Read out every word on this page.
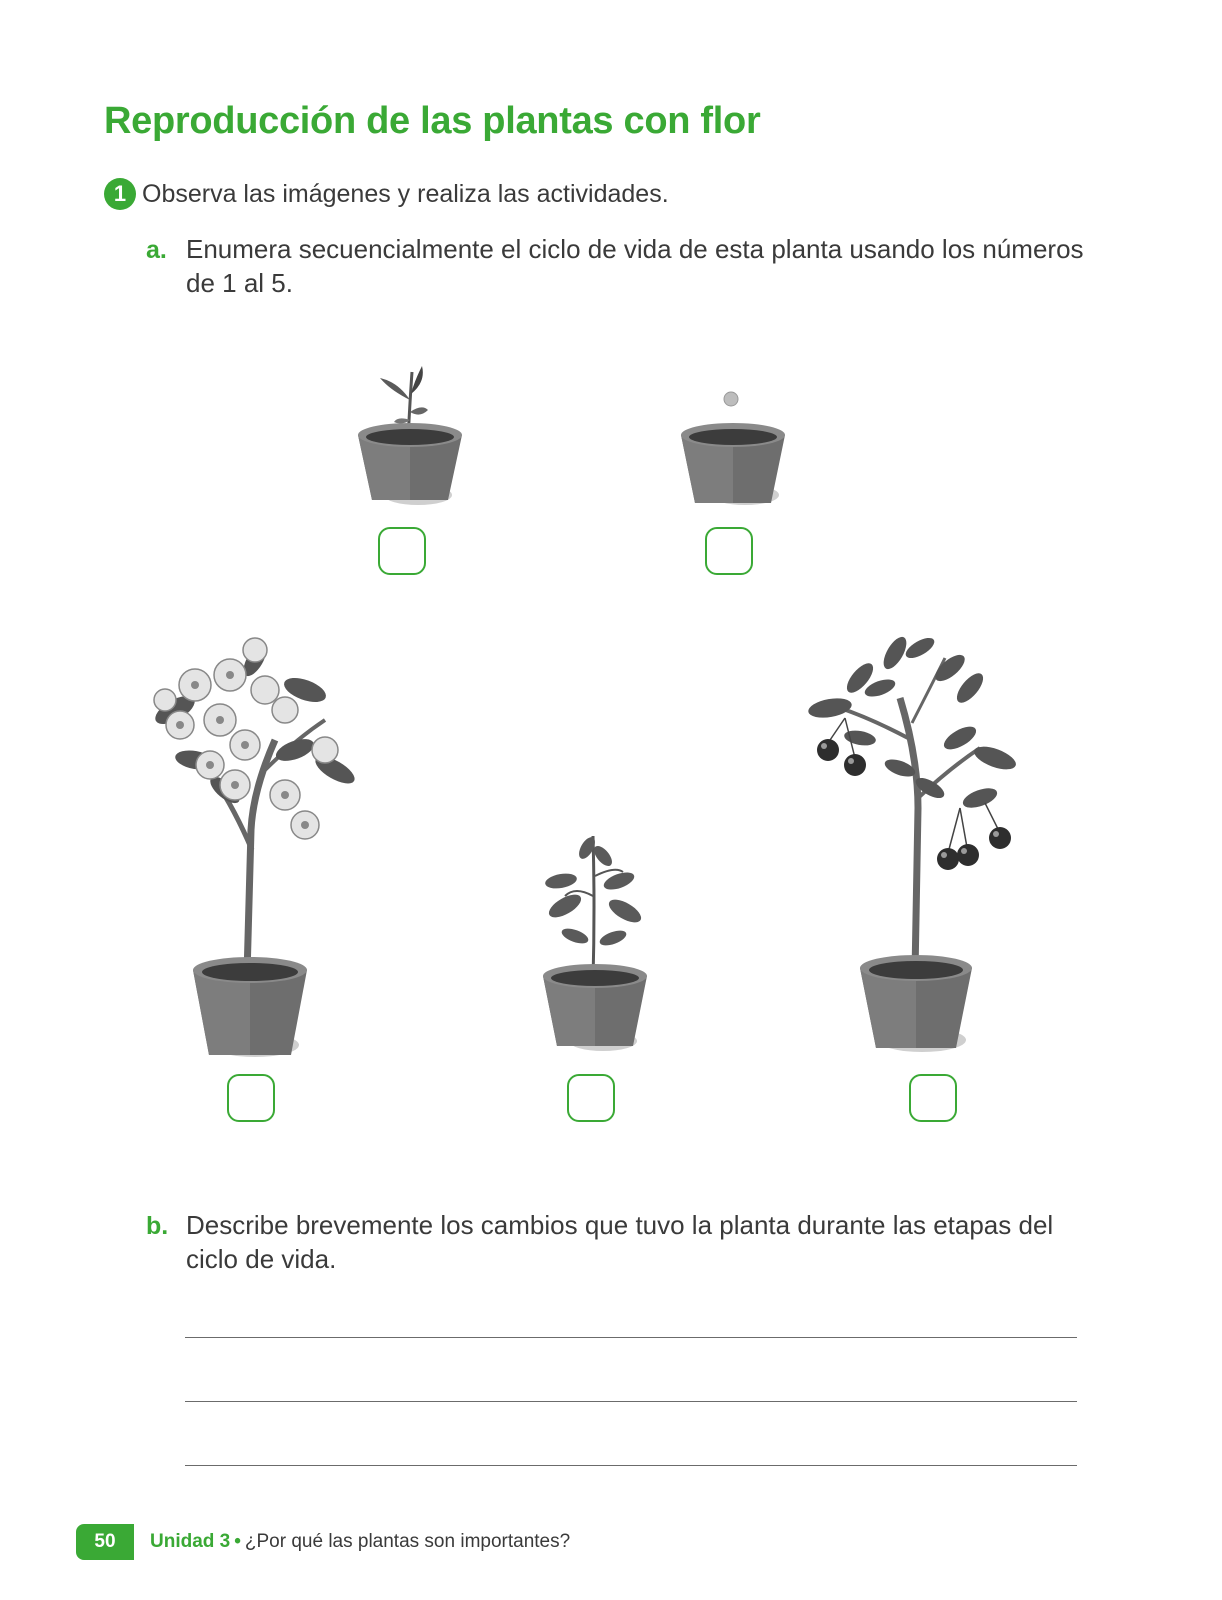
Reproducción de las plantas con flor
1 Observa las imágenes y realiza las actividades.
a. Enumera secuencialmente el ciclo de vida de esta planta usando los números de 1 al 5.
b. Describe brevemente los cambios que tuvo la planta durante las etapas del ciclo de vida.
50	Unidad 3 • ¿Por qué las plantas son importantes?
